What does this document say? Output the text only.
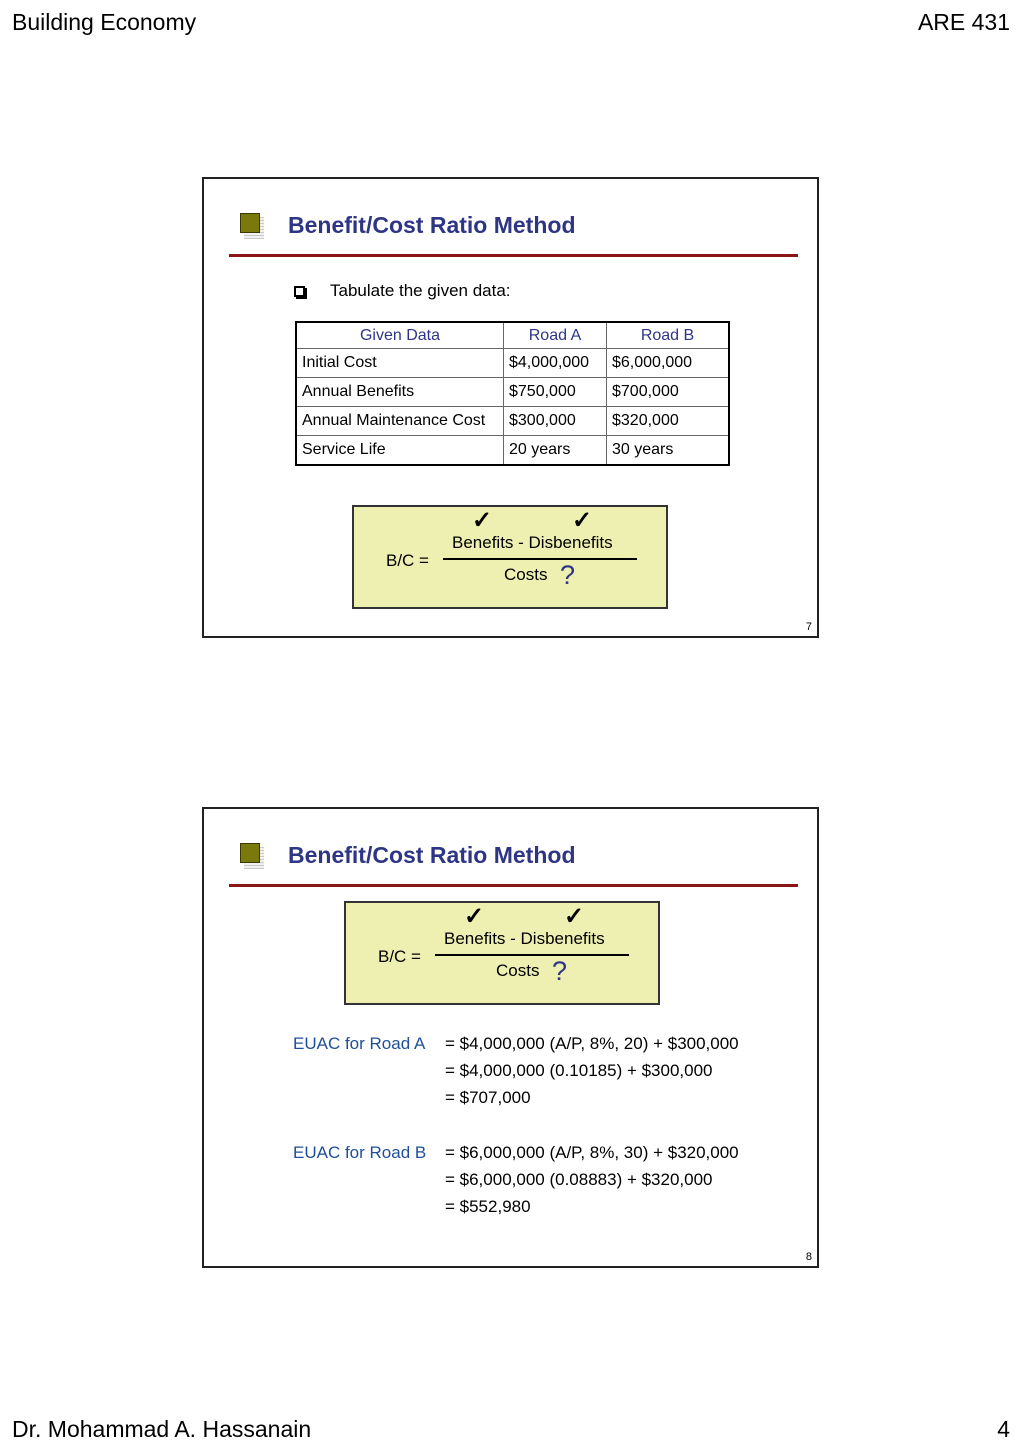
Building Economy	ARE 431
Benefit/Cost Ratio Method
Tabulate the given data:
Given Data	Road A	Road B
Initial Cost	$4,000,000	$6,000,000
Annual Benefits	$750,000	$700,000
Annual Maintenance Cost	$300,000	$320,000
Service Life	20 years	30 years
✓	✓
B/C =
Benefits - Disbenefits
Costs ?
7
Benefit/Cost Ratio Method
✓	✓
B/C =
Benefits - Disbenefits
Costs ?
EUAC for Road A = $4,000,000 (A/P, 8%, 20) + $300,000
= $4,000,000 (0.10185) + $300,000
= $707,000
EUAC for Road B = $6,000,000 (A/P, 8%, 30) + $320,000
= $6,000,000 (0.08883) + $320,000
= $552,980
8
Dr. Mohammad A. Hassanain	4
